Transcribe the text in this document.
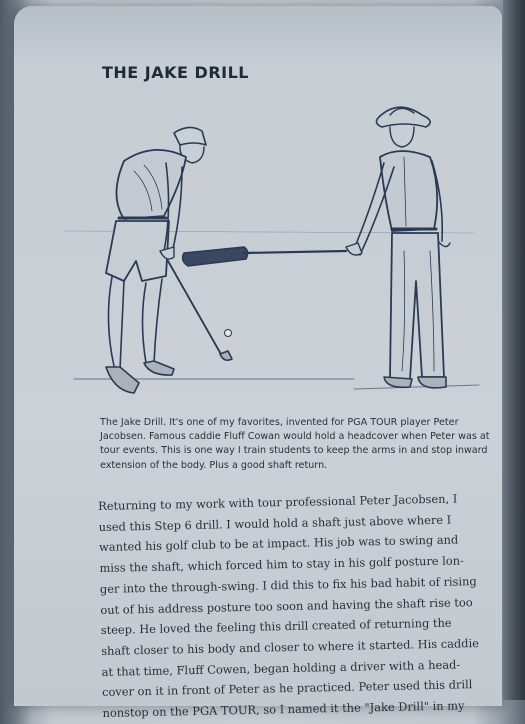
THE JAKE DRILL

The Jake Drill. It's one of my favorites, invented for PGA TOUR player Peter Jacobsen. Famous caddie Fluff Cowan would hold a headcover when Peter was at tour events. This is one way I train students to keep the arms in and stop inward extension of the body. Plus a good shaft return.

Returning to my work with tour professional Peter Jacobsen, I
used this Step 6 drill. I would hold a shaft just above where I
wanted his golf club to be at impact. His job was to swing and
miss the shaft, which forced him to stay in his golf posture lon-
ger into the through-swing. I did this to fix his bad habit of rising
out of his address posture too soon and having the shaft rise too
steep. He loved the feeling this drill created of returning the
shaft closer to his body and closer to where it started. His caddie
at that time, Fluff Cowen, began holding a driver with a head-
cover on it in front of Peter as he practiced. Peter used this drill
nonstop on the PGA TOUR, so I named it the "Jake Drill" in my
